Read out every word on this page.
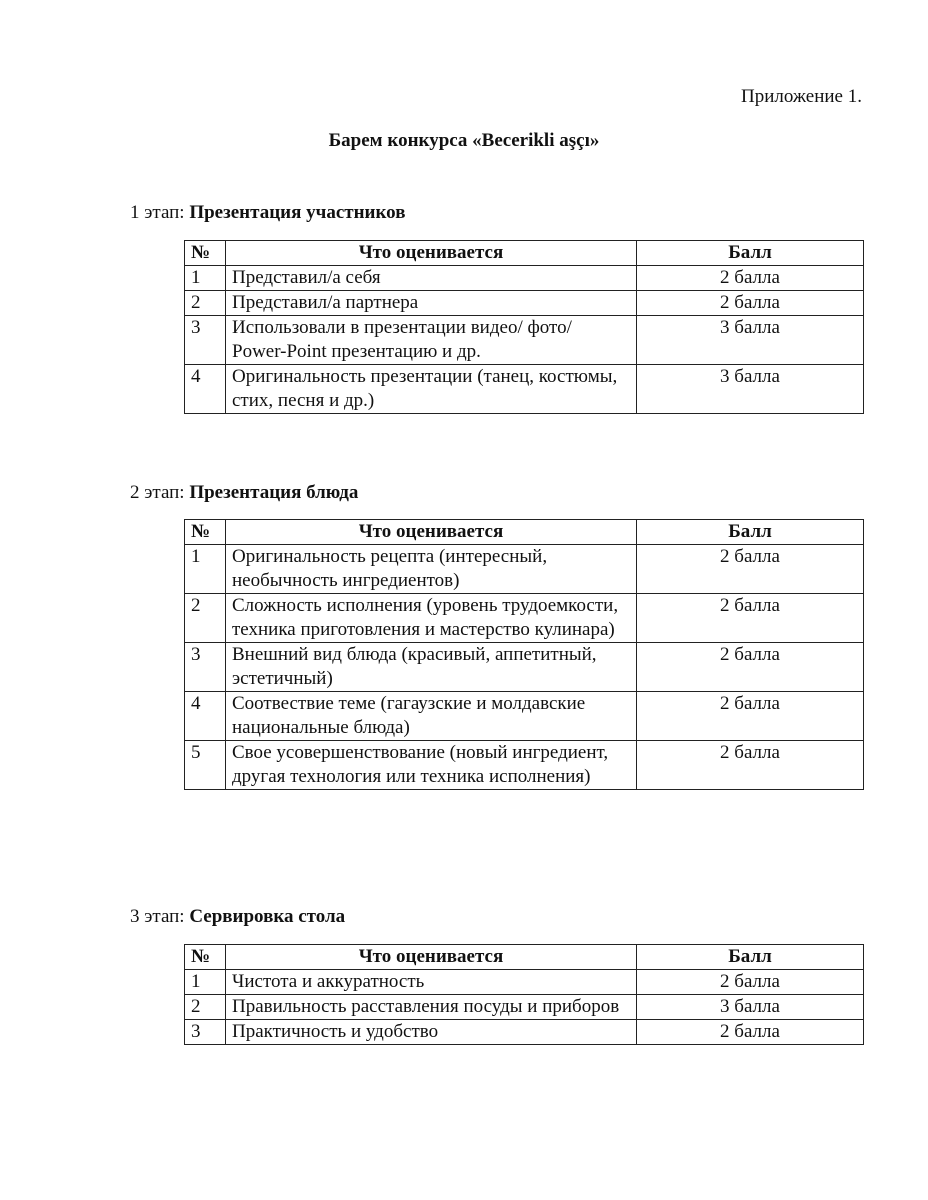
Приложение 1.
Барем конкурса «Becerikli aşçı»
1 этап: Презентация участников
№	Что оценивается	Балл
1	Представил/а себя	2 балла
2	Представил/а партнера	2 балла
3	Использовали в презентации видео/ фото/ Power-Point презентацию и др.	3 балла
4	Оригинальность презентации (танец, костюмы, стих, песня и др.)	3 балла
2 этап: Презентация блюда
№	Что оценивается	Балл
1	Оригинальность рецепта (интересный, необычность ингредиентов)	2 балла
2	Сложность исполнения (уровень трудоемкости, техника приготовления и мастерство кулинара)	2 балла
3	Внешний вид блюда (красивый, аппетитный, эстетичный)	2 балла
4	Соотвествие теме (гагаузские и молдавские национальные блюда)	2 балла
5	Свое усовершенствование (новый ингредиент, другая технология или техника исполнения)	2 балла
3 этап: Сервировка стола
№	Что оценивается	Балл
1	Чистота и аккуратность	2 балла
2	Правильность расставления посуды и приборов	3 балла
3	Практичность и удобство	2 балла
